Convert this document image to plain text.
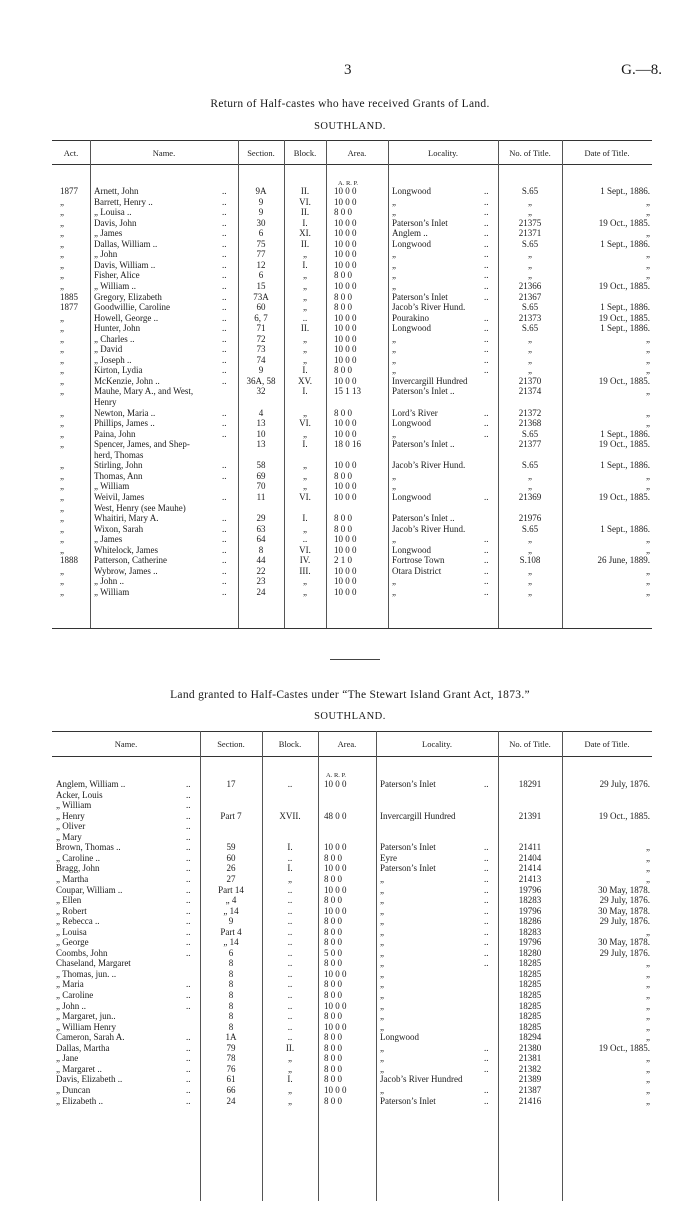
3	G.—8.
Return of Half-castes who have received Grants of Land.
SOUTHLAND.
Act.	Name.	Section.	Block.	Area.	Locality.	No. of Title.	Date of Title.
A. R. P.
1877 Arnett, John	..	9A	II.	10 0 0	Longwood	..	S.65	1 Sept., 1886.
„	Barrett, Henry ..	..	9	VI.	10 0 0	„	..	„	„
„	„ Louisa ..	..	9	II.	8 0 0	„	..	„	„
„	Davis, John	..	30	I.	10 0 0	Paterson’s Inlet	..	21375	19 Oct., 1885.
„	„ James	..	6	XI.	10 0 0	Anglem ..	..	21371	„
„	Dallas, William ..	..	75	II.	10 0 0	Longwood	..	S.65	1 Sept., 1886.
„	„ John	..	77	„	10 0 0	„	..	„	„
„	Davis, William ..	..	12	I.	10 0 0	„	..	„	„
„	Fisher, Alice	..	6	„	8 0 0	„	..	„	„
„	„ William ..	..	15	„	10 0 0	„	..	21366	19 Oct., 1885.
1885 Gregory, Elizabeth	..	73A	„	8 0 0	Paterson’s Inlet	..	21367
1877 Goodwillie, Caroline	..	60	„	8 0 0	Jacob’s River Hund.	S.65	1 Sept., 1886.
„	Howell, George ..	..	6, 7	..	10 0 0	Pourakino	..	21373	19 Oct., 1885.
„	Hunter, John	..	71	II.	10 0 0	Longwood	..	S.65	1 Sept., 1886.
„	„ Charles ..	..	72	„	10 0 0	„	..	„	„
„	„ David	..	73	„	10 0 0	„	..	„	„
„	„ Joseph ..	..	74	„	10 0 0	„	..	„	„
„	Kirton, Lydia	..	9	I.	8 0 0	„	..	„	„
„	McKenzie, John ..	..	36A, 58	XV.	10 0 0	Invercargill Hundred	21370	19 Oct., 1885.
„	Mauhe, Mary A., and West,	32	I.	15 1 13	Paterson’s Inlet ..	21374	„
Henry
„	Newton, Maria ..	..	4	„	8 0 0	Lord’s River	..	21372	„
„	Phillips, James ..	..	13	VI.	10 0 0	Longwood	..	21368	„
„	Paina, John	..	10	„	10 0 0	„	..	S.65	1 Sept., 1886.
„	Spencer, James, and Shep-	13	I.	18 0 16	Paterson’s Inlet ..	21377	19 Oct., 1885.
herd, Thomas
„	Stirling, John	..	58	„	10 0 0	Jacob’s River Hund.	S.65	1 Sept., 1886.
„	Thomas, Ann	..	69	„	8 0 0	„	„	„
„	„ William	70	„	10 0 0	„	„	„
„	Weivil, James	..	11	VI.	10 0 0	Longwood	..	21369	19 Oct., 1885.
„	West, Henry (see Mauhe)
„	Whaitiri, Mary A.	..	29	I.	8 0 0	Paterson’s Inlet ..	21976
„	Wixon, Sarah	..	63	„	8 0 0	Jacob’s River Hund.	S.65	1 Sept., 1886.
„	„ James	..	64	..	10 0 0	„	..	„	„
„	Whitelock, James	..	8	VI.	10 0 0	Longwood	..	„	„
1888 Patterson, Catherine	..	44	IV.	2 1 0	Fortrose Town	..	S.108	26 June, 1889.
„	Wybrow, James ..	..	22	III.	10 0 0	Otara District	..	„	„
„	„ John ..	..	23	„	10 0 0	„	..	„	„
„	„ William	..	24	„	10 0 0	„	..	„	„
Land granted to Half-Castes under “The Stewart Island Grant Act, 1873.”
SOUTHLAND.
Name.	Section.	Block.	Area.	Locality.	No. of Title.	Date of Title.
A. R. P.
Anglem, William ..	..	17	..	10 0 0	Paterson’s Inlet	..	18291	29 July, 1876.
Acker, Louis	..
„ William	..
„ Henry	..	Part 7	XVII.	48 0 0	Invercargill Hundred	21391	19 Oct., 1885.
„ Oliver	..
„ Mary	..
Brown, Thomas ..	..	59	I.	10 0 0	Paterson’s Inlet	..	21411	„
„ Caroline ..	..	60	..	8 0 0	Eyre	..	21404	„
Bragg, John	..	26	I.	10 0 0	Paterson’s Inlet	..	21414	„
„ Martha	..	27	„	8 0 0	„	..	21413	„
Coupar, William ..	..	Part 14	..	10 0 0	„	..	19796	30 May, 1878.
„ Ellen	..	„ 4	..	8 0 0	„	..	18283	29 July, 1876.
„ Robert	..	„ 14	..	10 0 0	„	..	19796	30 May, 1878.
„ Rebecca ..	..	9	..	8 0 0	„	..	18286	29 July, 1876.
„ Louisa	..	Part 4	..	8 0 0	„	..	18283	„
„ George	..	„ 14	..	8 0 0	„	..	19796	30 May, 1878.
Coombs, John	..	6	..	5 0 0	„	..	18280	29 July, 1876.
Chaseland, Margaret	8	..	8 0 0	„	..	18285	„
„ Thomas, jun. ..	8	..	10 0 0	„	18285	„
„ Maria	..	8	..	8 0 0	„	18285	„
„ Caroline	..	8	..	8 0 0	„	18285	„
„ John ..	..	8	..	10 0 0	„	18285	„
„ Margaret, jun..	8	..	8 0 0	„	18285	„
„ William Henry	8	..	10 0 0	„	18285	„
Cameron, Sarah A.	..	1A	..	8 0 0	Longwood	18294	„
Dallas, Martha	..	79	II.	8 0 0	„	..	21380	19 Oct., 1885.
„ Jane	..	78	„	8 0 0	„	..	21381	„
„ Margaret ..	..	76	„	8 0 0	„	..	21382	„
Davis, Elizabeth ..	..	61	I.	8 0 0	Jacob’s River Hundred	21389	„
„ Duncan	..	66	„	10 0 0	„	..	21387	„
„ Elizabeth ..	..	24	„	8 0 0	Paterson’s Inlet	..	21416	„
